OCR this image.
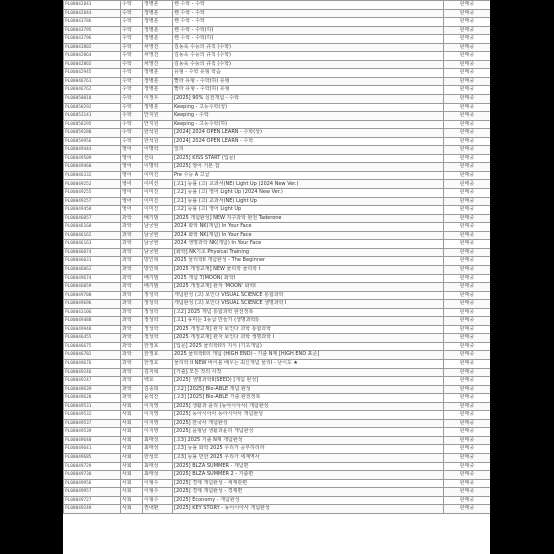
PL00042843	수학	정병훈	쎈 수학 - 수학	판매중
PL00042844	수학	정병훈	쎈 수학 - 수학	판매중
PL00043786	수학	정병훈	쎈 수학 - 수학	판매중
PL00043795	수학	정병훈	쎈 수학 - 수학(하)	판매중
PL00043796	수학	정병훈	쎈 수학 - 수학(하)	판매중
PL00043802	수학	차영진	김동욱 수능의 규칙 (수학)	판매중
PL00042864	수학	차영진	김동욱 수능의 규칙 (수학)	판매중
PL00042865	수학	차영진	김동욱 수능의 규칙 (수학)	판매중
PL00042945	수학	정병훈	유형 - 수학 유형 학습	판매중
PL00046761	수학	정병훈	빨라 유형 - 수학(하) 유형	판매중
PL00046762	수학	정병훈	빨라 유형 - 수학(하) 유형	판매중
PL00050018	수학	이정우	[2025] 90% 실전개념 - 수학	판매중
PL00050292	수학	정병훈	Keeping - 고등수학(상)	판매중
PL00053141	수학	안지원	Keeping - 수학	판매중
PL00058295	수학	안지원	Keeping - 고등수학(하)	판매중
PL00059280	수학	한석원	[2024] 2024 OPEN LEARN - 수학(상)	판매중
PL00059956	수학	한석원	[2024] 2024 OPEN LEARN - 수학	판매중
PL00049444	영어	이명학	일리	판매중
PL00049509	영어	션티	[2025] KISS START (입문)	판매중
PL00049460	영어	이명학	[2025] 영어 기본 잡	판매중
PL00046332	영어	이미진	Pre 수능 A 고급	판매중
PL00049252	영어	이미진	[고1] 능률 (고) 교과서(NE) Light Up (2024 New Ver.)	판매중
PL00049255	영어	이미진	[고2] 능률 (고) 영어 Light Up (2024 New Ver.)	판매중
PL00049257	영어	이미진	[고1] 능률 (고) 교과서(NE) Light Up	판매중
PL00049458	영어	이미진	[고2] 능률 (고) 영어 Light Up	판매중
PL00046057	과학	배기범	[2025 개념완성] NEW 지구과학 완전 Taderone	판매중
PL00046160	과학	남궁현	2024 화학 NK(개념) In Your Face	판매중
PL00046162	과학	남궁현	2024 화학 NK(개념) In Your Face	판매중
PL00046163	과학	남궁현	2024 생명과학 NK(개념) In Your Face	판매중
PL00046074	과학	남궁현	[화학] NK기초 Physical Training	판매중
PL00046031	과학	방인혁	2025 물리학II 개념완성 - The Beginner	판매중
PL00046062	과학	방인혁	[2025 개정교재] NEW 물리학 물리학 I	판매중
PL00049674	과학	배기범	2025 개념 T(MOON) 화학I	판매중
PL00046059	과학	배기범	[2025 개정교재] 완자 'MOON' 화학I	판매중
PL00049700	과학	정성학	개념완성 (고) 보인다 VISUAL SCIENCE 통합과학	판매중
PL00049696	과학	정성학	개념완성 (고) 보인다 VISUAL SCIENCE 생명과학 I	판매중
PL00043106	과학	정성학	[고2] 2025 개념 통합과학 완전정복	판매중
PL00049480	과학	정성학	[고1] 유미는 1등급 만들기 (생명과학I)	판매중
PL00049948	과학	정성학	[2025 개정교재] 완자 보인다 과학 통합과학	판매중
PL00046455	과학	정성학	[2025 개정교재] 완자 보인다 과학 생명과학 I	판매중
PL00046675	과학	한정호	[입문] 2025 물리학II의 지식 (기초개념)	판매중
PL00046782	과학	한정호	2025 물리학II의 개념 (HIGH END) - 기출 N제 [HIGH END 표준]	판매중
PL00049676	과학	한정호	물리학 II NEW 바이블 배우는 최신개념 물리I - 난이도 ★	판매중
PL00049246	과학	김지혁	[기출] 모든 것의 시작	판매중
PL00049247	과학	백호	[2025] 생명과학II(SEED) [개념 완성]	판매중
PL00049639	과학	김종희	[고2] [2025] Bio-ABLE 개념 완성	판매중
PL00049628	과학	윤석진	[고3] [2025] Bio-ABLE 기출 완전정복	판매중
PL00049531	사회	이지영	[2025] 생활과 윤리 (동아시아사) 개념완성	판매중
PL00049532	사회	이지영	[2025] 동아시아사 동아시아사 개념완성	판매중
PL00049537	사회	이지영	[2025] 한국사 개념완성	판매중
PL00049539	사회	이지영	[2025] 윤형남 생활과윤리 개념완성	판매중
PL00049640	사회	최태성	[고3] 2025 기출 N제 개념완성	판매중
PL00049641	사회	최태성	[고3] 능률 화학 2025 우리가 공부하리라	판매중
PL00049685	사회	한성모	[고3] 능률 만한 2025 우리가 세계역사	판매중
PL00049729	사회	최태성	[2025] BLZA SUMMER - 개념편	판매중
PL00049730	사회	최태성	[2025] BLZA SUMMER 2 - 기출편	판매중
PL00049956	사회	이형수	[2025] 경제 개념완성 - 세계관편	판매중
PL00049957	사회	이형수	[2025] 경제 개념완성 - 경제편	판매중
PL00049727	사회	이형수	[2025] Economy - 개념완성	판매중
PL00049249	사회	권내환	[2025] KEY STORY - 동아시아사 개념완성	판매중
